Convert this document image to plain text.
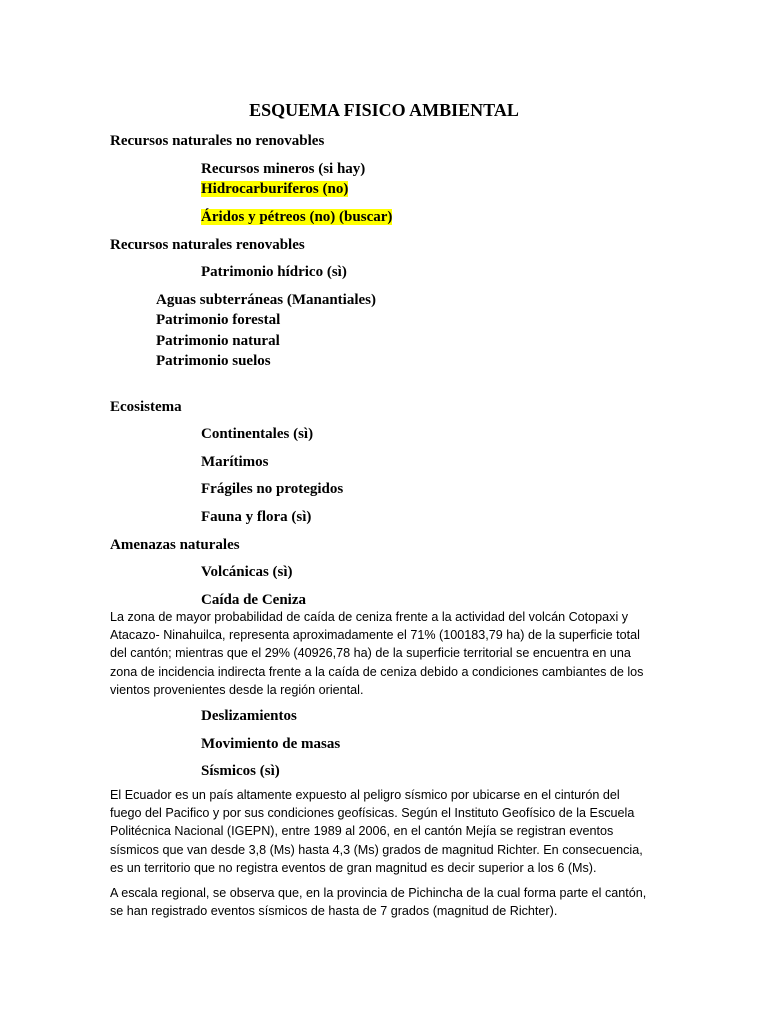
ESQUEMA FISICO AMBIENTAL
Recursos naturales no renovables
Recursos mineros (si hay)
Hidrocarburiferos (no)
Áridos y pétreos (no) (buscar)
Recursos naturales renovables
Patrimonio hídrico (sì)
Aguas subterráneas (Manantiales)
Patrimonio forestal
Patrimonio natural
Patrimonio suelos
Ecosistema
Continentales (sì)
Marítimos
Frágiles no protegidos
Fauna y flora (sì)
Amenazas naturales
Volcánicas (sì)
Caída de Ceniza
La zona de mayor probabilidad de caída de ceniza frente a la actividad del volcán Cotopaxi y
Atacazo- Ninahuilca, representa aproximadamente el 71% (100183,79 ha) de la superficie total
del cantón; mientras que el 29% (40926,78 ha) de la superficie territorial se encuentra en una
zona de incidencia indirecta frente a la caída de ceniza debido a condiciones cambiantes de los
vientos provenientes desde la región oriental.
Deslizamientos
Movimiento de masas
Sísmicos (sì)
El Ecuador es un país altamente expuesto al peligro sísmico por ubicarse en el cinturón del
fuego del Pacifico y por sus condiciones geofísicas. Según el Instituto Geofísico de la Escuela
Politécnica Nacional (IGEPN), entre 1989 al 2006, en el cantón Mejía se registran eventos
sísmicos que van desde 3,8 (Ms) hasta 4,3 (Ms) grados de magnitud Richter. En consecuencia,
es un territorio que no registra eventos de gran magnitud es decir superior a los 6 (Ms).
A escala regional, se observa que, en la provincia de Pichincha de la cual forma parte el cantón,
se han registrado eventos sísmicos de hasta de 7 grados (magnitud de Richter).
